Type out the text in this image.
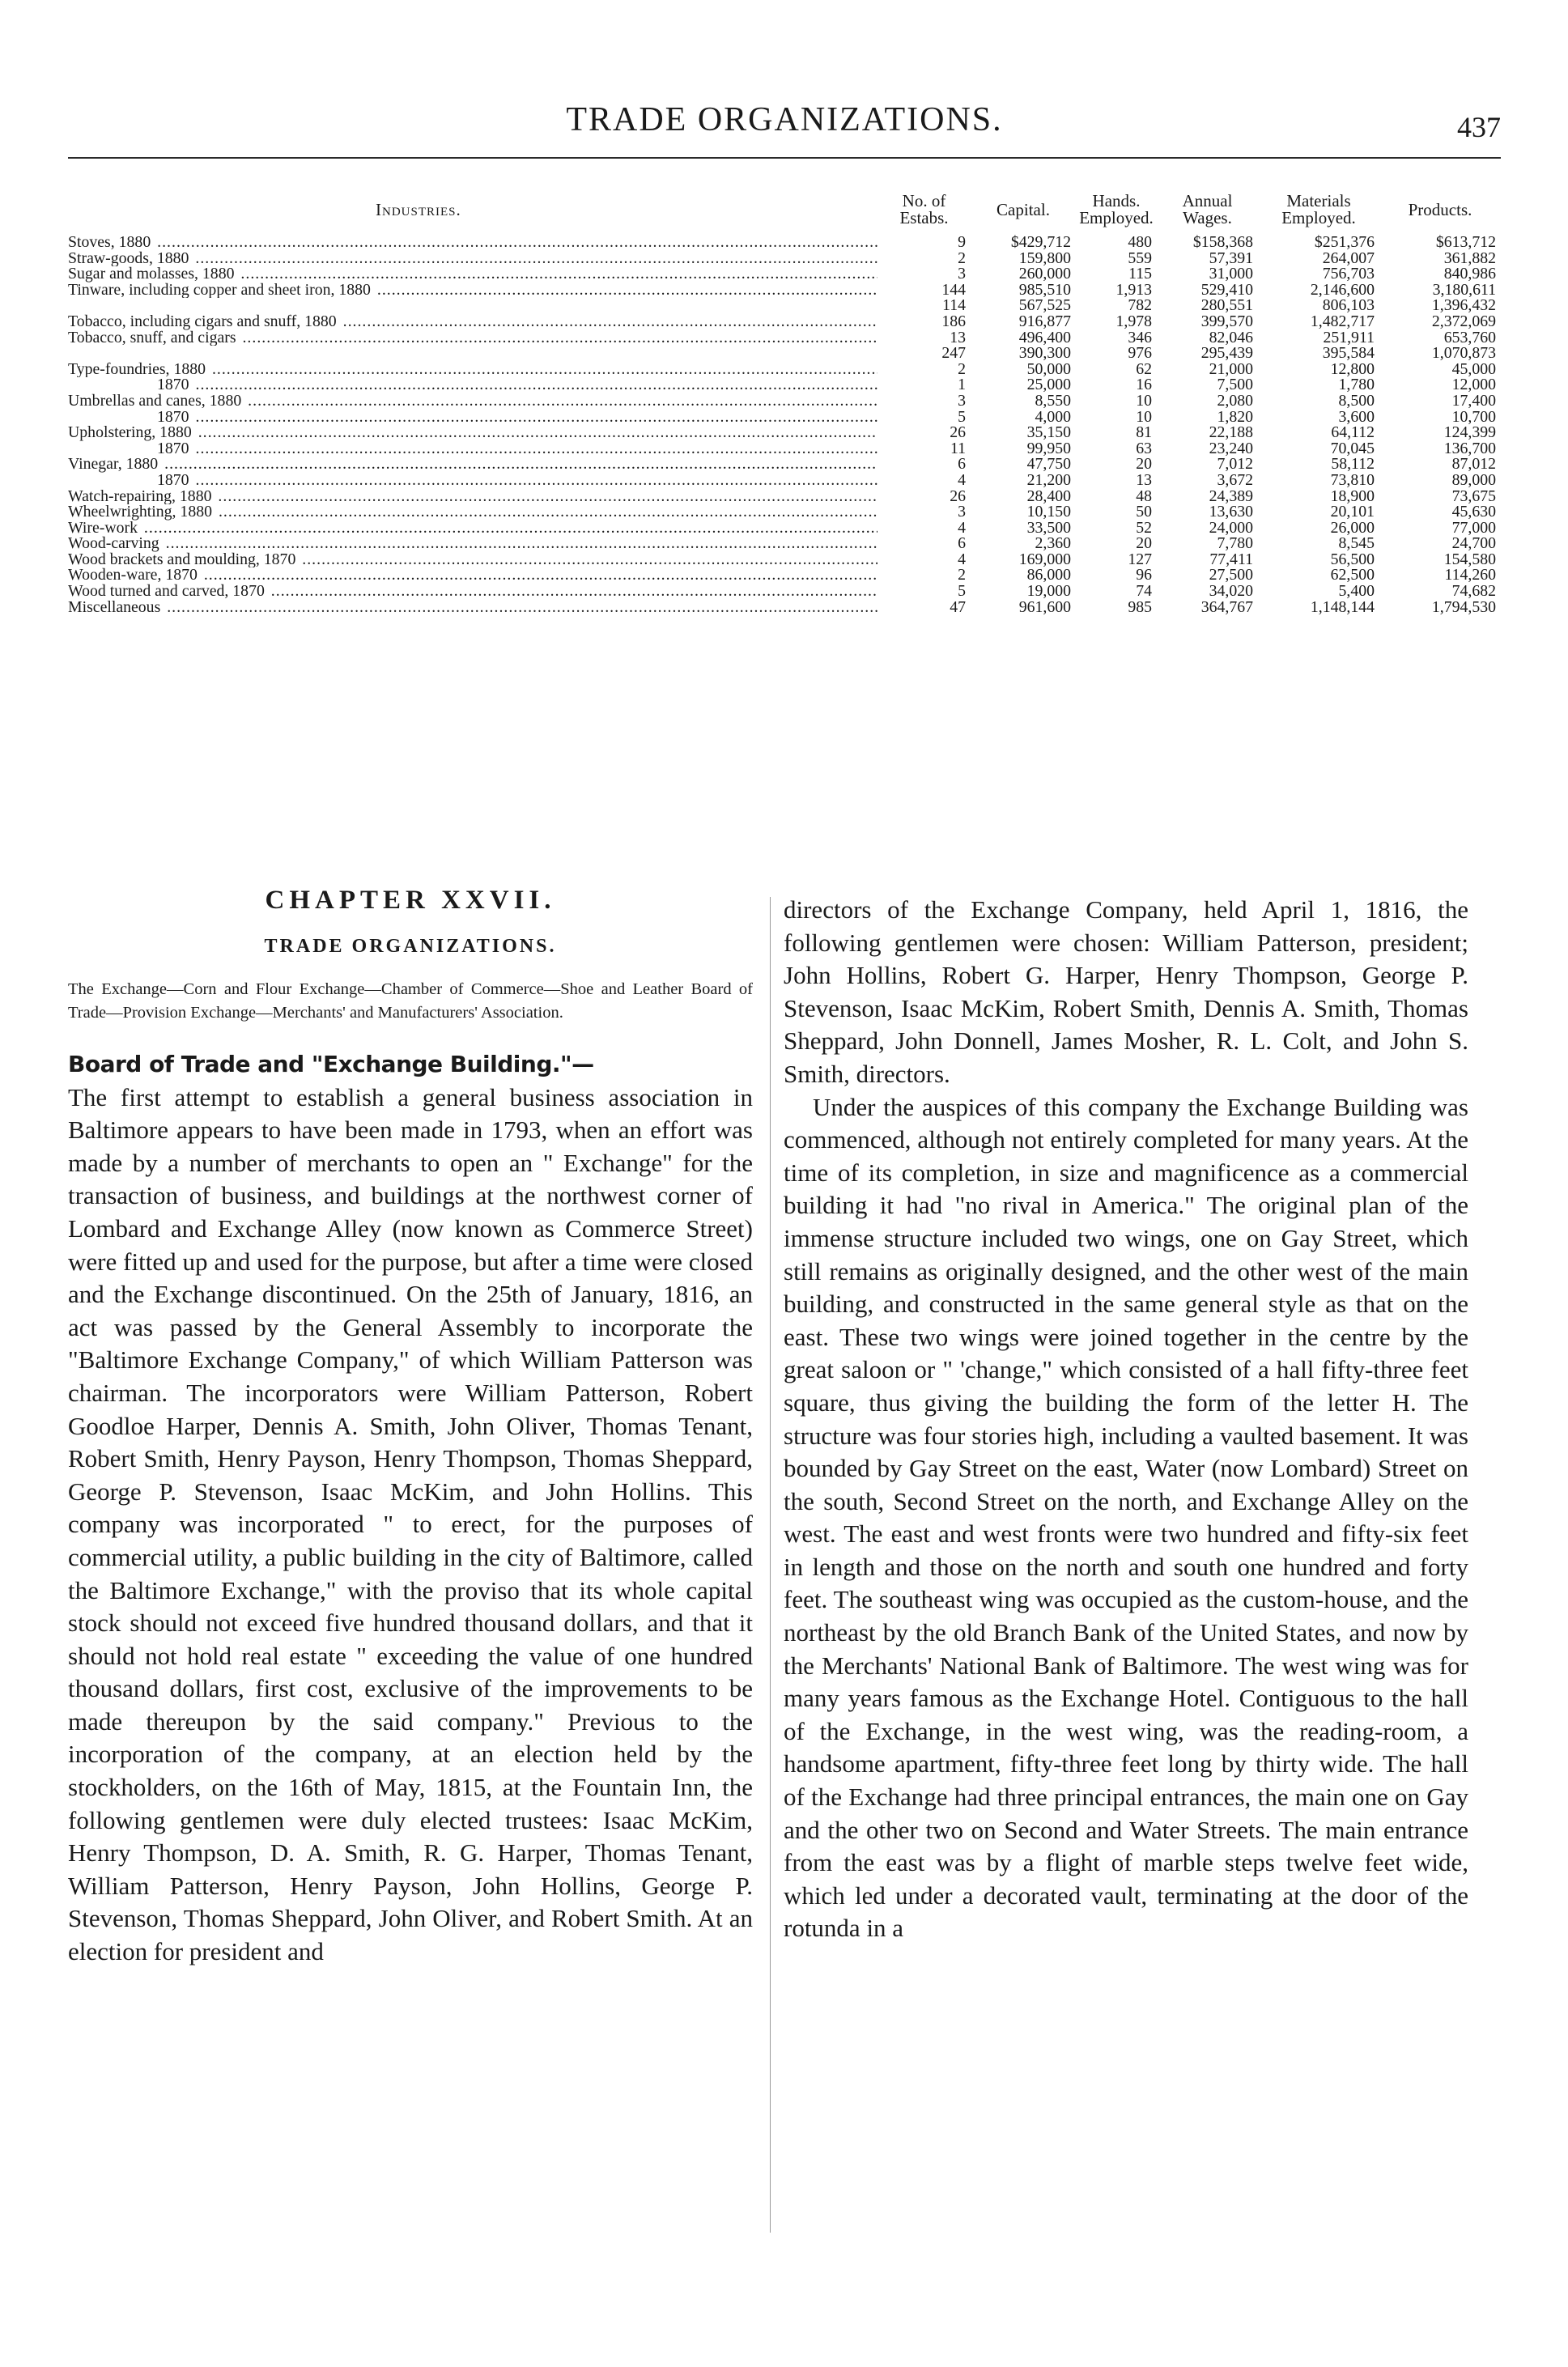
TRADE ORGANIZATIONS.	437
Industries.	No. of Estabs.	Capital.	Hands. Employed.	Annual Wages.	Materials Employed.	Products.

Stoves, 1880 .....	9	$429,712	480	$158,368	$251,376	$613,712

Straw-goods, 1880 .....	2	159,800	559	57,391	264,007	361,882

Sugar and molasses, 1880 .....	3	260,000	115	31,000	756,703	840,986

Tinware, including copper and sheet iron, 1880 .....	144	985,510	1,913	529,410	2,146,600	3,180,611
	114	567,525	782	280,551	806,103	1,396,432

Tobacco, including cigars and snuff, 1880 .....	186	916,877	1,978	399,570	1,482,717	2,372,069

Tobacco, snuff, and cigars .....	13	496,400	346	82,046	251,911	653,760
	247	390,300	976	295,439	395,584	1,070,873

Type-foundries, 1880 .....	2	50,000	62	21,000	12,800	45,000

1870 .....	1	25,000	16	7,500	1,780	12,000

Umbrellas and canes, 1880 .....	3	8,550	10	2,080	8,500	17,400

1870 .....	5	4,000	10	1,820	3,600	10,700

Upholstering, 1880 .....	26	35,150	81	22,188	64,112	124,399

1870 .....	11	99,950	63	23,240	70,045	136,700

Vinegar, 1880 .....	6	47,750	20	7,012	58,112	87,012

1870 .....	4	21,200	13	3,672	73,810	89,000

Watch-repairing, 1880 .....	26	28,400	48	24,389	18,900	73,675

Wheelwrighting, 1880 .....	3	10,150	50	13,630	20,101	45,630

Wire-work .....	4	33,500	52	24,000	26,000	77,000

Wood-carving .....	6	2,360	20	7,780	8,545	24,700

Wood brackets and moulding, 1870 .....	4	169,000	127	77,411	56,500	154,580

Wooden-ware, 1870 .....	2	86,000	96	27,500	62,500	114,260

Wood turned and carved, 1870 .....	5	19,000	74	34,020	5,400	74,682

Miscellaneous .....	47	961,600	985	364,767	1,148,144	1,794,530
CHAPTER XXVII.
TRADE ORGANIZATIONS.

The Exchange—Corn and Flour Exchange—Chamber of Commerce—Shoe and Leather Board of Trade—Provision Exchange—Merchants' and Manufacturers' Association.

Board of Trade and "Exchange Building."—
The first attempt to establish a general business association in Baltimore appears to have been made in 1793, when an effort was made by a number of merchants to open an " Exchange" for the transaction of business, and buildings at the northwest corner of Lombard and Exchange Alley (now known as Commerce Street) were fitted up and used for the purpose, but after a time were closed and the Exchange discontinued. On the 25th of January, 1816, an act was passed by the General Assembly to incorporate the "Baltimore Exchange Company," of which William Patterson was chairman. The incorporators were William Patterson, Robert Goodloe Harper, Dennis A. Smith, John Oliver, Thomas Tenant, Robert Smith, Henry Payson, Henry Thompson, Thomas Sheppard, George P. Stevenson, Isaac McKim, and John Hollins. This company was incorporated " to erect, for the purposes of commercial utility, a public building in the city of Baltimore, called the Baltimore Exchange," with the proviso that its whole capital stock should not exceed five hundred thousand dollars, and that it should not hold real estate " exceeding the value of one hundred thousand dollars, first cost, exclusive of the improvements to be made thereupon by the said company." Previous to the incorporation of the company, at an election held by the stockholders, on the 16th of May, 1815, at the Fountain Inn, the following gentlemen were duly elected trustees: Isaac McKim, Henry Thompson, D. A. Smith, R. G. Harper, Thomas Tenant, William Patterson, Henry Payson, John Hollins, George P. Stevenson, Thomas Sheppard, John Oliver, and Robert Smith. At an election for president and

directors of the Exchange Company, held April 1, 1816, the following gentlemen were chosen: William Patterson, president; John Hollins, Robert G. Harper, Henry Thompson, George P. Stevenson, Isaac McKim, Robert Smith, Dennis A. Smith, Thomas Sheppard, John Donnell, James Mosher, R. L. Colt, and John S. Smith, directors.

Under the auspices of this company the Exchange Building was commenced, although not entirely completed for many years. At the time of its completion, in size and magnificence as a commercial building it had "no rival in America." The original plan of the immense structure included two wings, one on Gay Street, which still remains as originally designed, and the other west of the main building, and constructed in the same general style as that on the east. These two wings were joined together in the centre by the great saloon or " 'change," which consisted of a hall fifty-three feet square, thus giving the building the form of the letter H. The structure was four stories high, including a vaulted basement. It was bounded by Gay Street on the east, Water (now Lombard) Street on the south, Second Street on the north, and Exchange Alley on the west. The east and west fronts were two hundred and fifty-six feet in length and those on the north and south one hundred and forty feet. The southeast wing was occupied as the custom-house, and the northeast by the old Branch Bank of the United States, and now by the Merchants' National Bank of Baltimore. The west wing was for many years famous as the Exchange Hotel. Contiguous to the hall of the Exchange, in the west wing, was the reading-room, a handsome apartment, fifty-three feet long by thirty wide. The hall of the Exchange had three principal entrances, the main one on Gay and the other two on Second and Water Streets. The main entrance from the east was by a flight of marble steps twelve feet wide, which led under a decorated vault, terminating at the door of the rotunda in a
